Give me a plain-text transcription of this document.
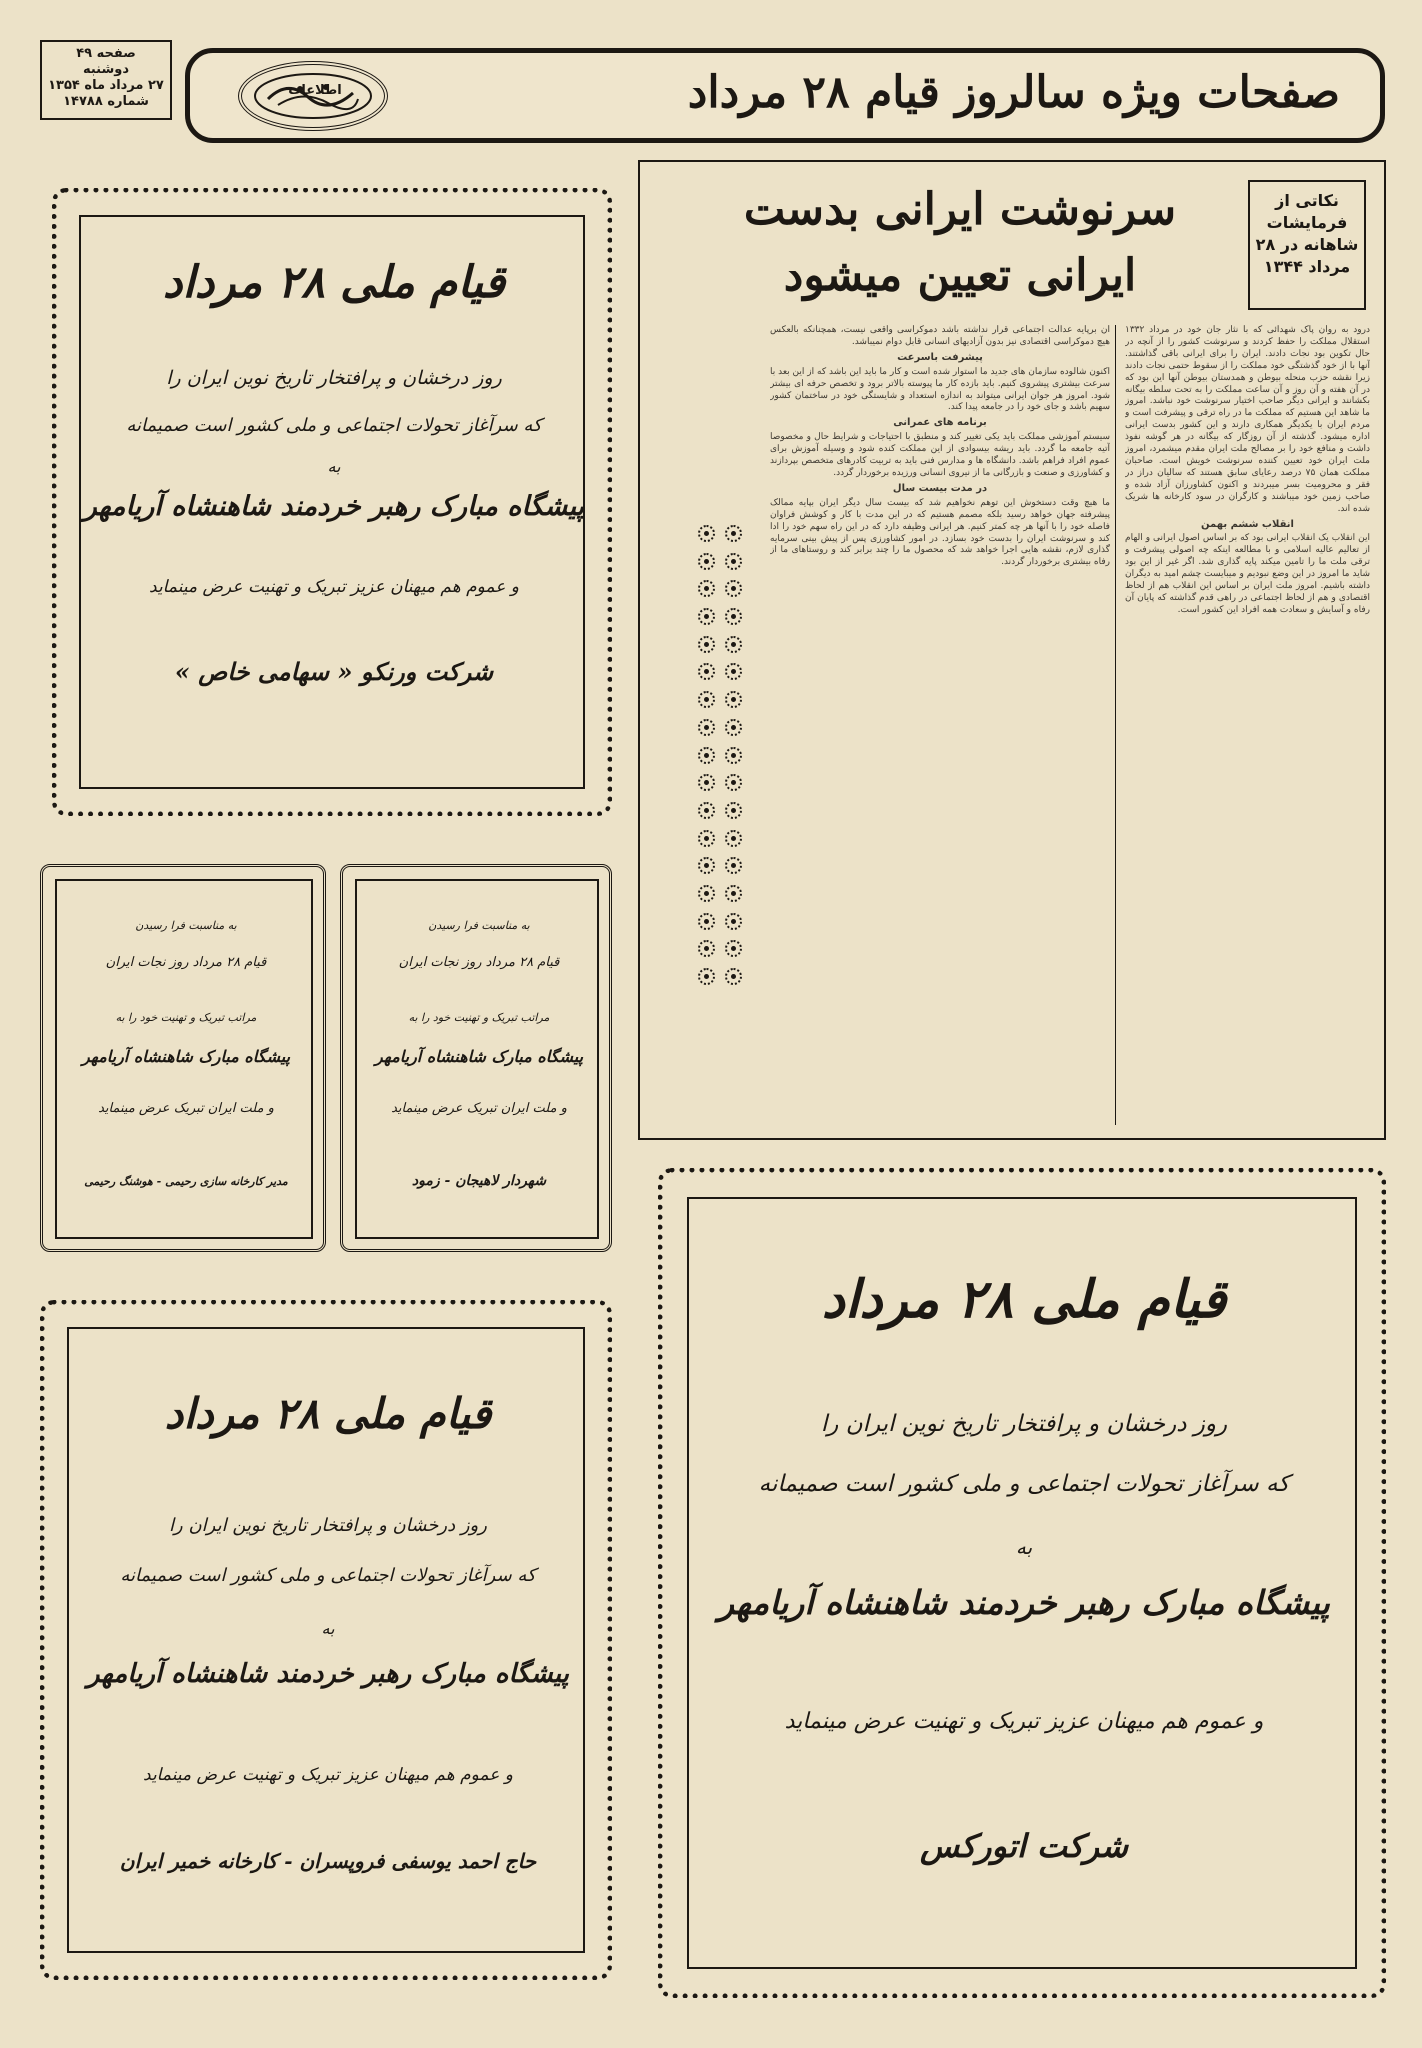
صفحه ۴۹
دوشنبه
۲۷ مرداد ماه ۱۳۵۴
شماره ۱۴۷۸۸	صفحات ویژه سالروز قیام ۲۸ مرداد
اطلاعات
نکاتی از فرمایشات شاهانه در ۲۸ مرداد ۱۳۴۴
سرنوشت ایرانی بدست
ایرانی تعیین میشود

درود به روان پاک شهدائی که با نثار جان خود در مرداد ۱۳۳۲ استقلال مملکت را حفظ کردند و سرنوشت کشور را از آنچه در حال تکوین بود نجات دادند. ایران را برای ایرانی باقی گذاشتند. آنها با از خود گذشتگی خود مملکت را از سقوط حتمی نجات دادند زیرا نقشه حزب منحله بیوطن و همدستان بیوطن آنها این بود که در آن هفته و آن روز و آن ساعت مملکت را به تحت سلطه بیگانه بکشانند و ایرانی دیگر صاحب اختیار سرنوشت خود نباشد. امروز ما شاهد این هستیم که مملکت ما در راه ترقی و پیشرفت است و مردم ایران با یکدیگر همکاری دارند و این کشور بدست ایرانی اداره میشود. گذشته از آن روزگار که بیگانه در هر گوشه نفوذ داشت و منافع خود را بر مصالح ملت ایران مقدم میشمرد، امروز ملت ایران خود تعیین کننده سرنوشت خویش است. صاحبان مملکت همان ۷۵ درصد رعایای سابق هستند که سالیان دراز در فقر و محرومیت بسر میبردند و اکنون کشاورزان آزاد شده و صاحب زمین خود میباشند و کارگران در سود کارخانه ها شریک شده اند.

انقلاب ششم بهمن

این انقلاب یک انقلاب ایرانی بود که بر اساس اصول ایرانی و الهام از تعالیم عالیه اسلامی و با مطالعه اینکه چه اصولی پیشرفت و ترقی ملت ما را تامین میکند پایه گذاری شد. اگر غیر از این بود شاید ما امروز در این وضع نبودیم و میبایست چشم امید به دیگران داشته باشیم. امروز ملت ایران بر اساس این انقلاب هم از لحاظ اقتصادی و هم از لحاظ اجتماعی در راهی قدم گذاشته که پایان آن رفاه و آسایش و سعادت همه افراد این کشور است.

آن برپایه عدالت اجتماعی قرار نداشته باشد دموکراسی واقعی نیست، همچنانکه بالعکس هیچ دموکراسی اقتصادی نیز بدون آزادیهای انسانی قابل دوام نمیباشد.

پیشرفت باسرعت

اکنون شالوده سازمان های جدید ما استوار شده است و کار ما باید این باشد که از این بعد با سرعت بیشتری پیشروی کنیم. باید بازده کار ما پیوسته بالاتر برود و تخصص حرفه ای بیشتر شود. امروز هر جوان ایرانی میتواند به اندازه استعداد و شایستگی خود در ساختمان کشور سهیم باشد و جای خود را در جامعه پیدا کند.

برنامه های عمرانی

سیستم آموزشی مملکت باید یکی تغییر کند و منطبق با احتیاجات و شرایط حال و مخصوصا آتیه جامعه ما گردد. باید ریشه بیسوادی از این مملکت کنده شود و وسیله آموزش برای عموم افراد فراهم باشد. دانشگاه ها و مدارس فنی باید به تربیت کادرهای متخصص بپردازند و کشاورزی و صنعت و بازرگانی ما از نیروی انسانی ورزیده برخوردار گردد.

در مدت بیست سال

ما هیچ وقت دستخوش این توهم نخواهیم شد که بیست سال دیگر ایران بپایه ممالک پیشرفته جهان خواهد رسید بلکه مصمم هستیم که در این مدت با کار و کوشش فراوان فاصله خود را با آنها هر چه کمتر کنیم. هر ایرانی وظیفه دارد که در این راه سهم خود را ادا کند و سرنوشت ایران را بدست خود بسازد. در امور کشاورزی پس از پیش بینی سرمایه گذاری لازم، نقشه هایی اجرا خواهد شد که محصول ما را چند برابر کند و روستاهای ما از رفاه بیشتری برخوردار گردند.

قیام ملی ۲۸ مرداد
روز درخشان و پرافتخار تاریخ نوین ایران را
که سرآغاز تحولات اجتماعی و ملی کشور است صمیمانه
به
پیشگاه مبارک رهبر خردمند شاهنشاه آریامهر
و عموم هم میهنان عزیز تبریک و تهنیت عرض مینماید
شرکت ورنکو « سهامی خاص »
به مناسبت فرا رسیدن
قیام ۲۸ مرداد روز نجات ایران
مراتب تبریک و تهنیت خود را به
پیشگاه مبارک شاهنشاه آریامهر
و ملت ایران تبریک عرض مینماید
شهردار لاهیجان - زمود
به مناسبت فرا رسیدن
قیام ۲۸ مرداد روز نجات ایران
مراتب تبریک و تهنیت خود را به
پیشگاه مبارک شاهنشاه آریامهر
و ملت ایران تبریک عرض مینماید
مدیر کارخانه سازی رحیمی - هوشنگ رحیمی
قیام ملی ۲۸ مرداد
روز درخشان و پرافتخار تاریخ نوین ایران را
که سرآغاز تحولات اجتماعی و ملی کشور است صمیمانه
به
پیشگاه مبارک رهبر خردمند شاهنشاه آریامهر
و عموم هم میهنان عزیز تبریک و تهنیت عرض مینماید
حاج احمد یوسفی فروپسران - کارخانه خمیر ایران
قیام ملی ۲۸ مرداد
روز درخشان و پرافتخار تاریخ نوین ایران را
که سرآغاز تحولات اجتماعی و ملی کشور است صمیمانه
به
پیشگاه مبارک رهبر خردمند شاهنشاه آریامهر
و عموم هم میهنان عزیز تبریک و تهنیت عرض مینماید
شرکت اتورکس
